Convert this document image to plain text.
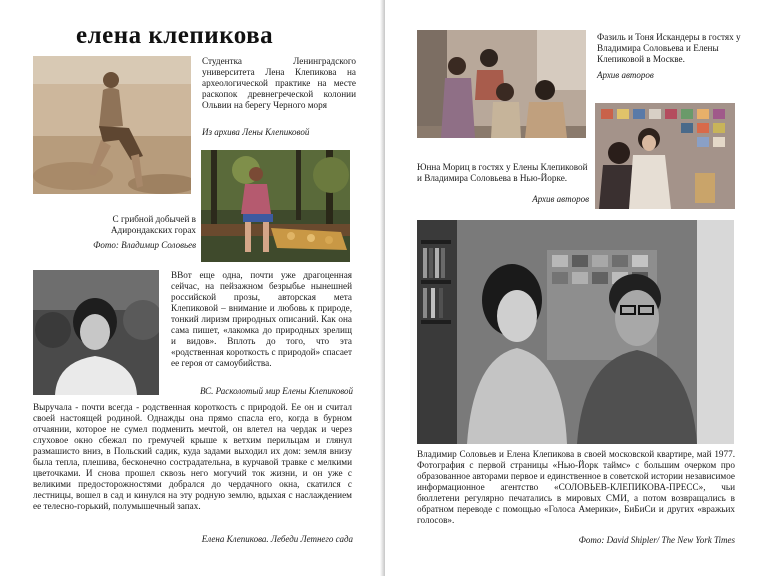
елена клепикова
Студентка Ленинградского университета Лена Клепикова на археологической практике на месте раскопок древнегреческой колонии Ольвии на берегу Черного моря
Из архива Лены Клепиковой
С грибной добычей в Адирондакских горах
Фото: Владимир Соловьев
ВВот еще одна, почти уже драгоценная сейчас, на пейзажном безрыбье нынешней российской прозы, авторская мета Клепиковой – внимание и любовь к природе, тонкий лиризм природных описаний. Как она сама пишет, «лакомка до природных зрелищ и видов». Вплоть до того, что эта «родственная короткость с природой» спасает ее героя от самоубийства.
ВС. Расколотый мир Елены Клепиковой
Выручала - почти всегда - родственная короткость с природой. Ее он и считал своей настоящей родиной. Однажды она прямо спасла его, когда в бурном отчаянии, которое не сумел подменить мечтой, он влетел на чердак и через слуховое окно сбежал по гремучей крыше к ветхим перильцам и глянул размашисто вниз, в Польский садик, куда задами выходил их дом: земля внизу была тепла, плешива, бесконечно сострадательна, в курчавой травке с мелкими цветочками. И снова прошел сквозь него могучий ток жизни, и он уже с великими предосторожностями добрался до чердачного окна, скатился с лестницы, вошел в сад и кинулся на эту родную землю, вдыхая с наслаждением ее телесно-горький, полумышечный запах.
Елена Клепикова. Лебеди Летнего сада
Фазиль и Тоня Искандеры в гостях у Владимира Соловьева и Елены Клепиковой в Москве.
Архив авторов
Юнна Мориц в гостях у Елены Клепиковой и Владимира Соловьева в Нью-Йорке.
Архив авторов
Владимир Соловьев и Елена Клепикова в своей московской квартире, май 1977. Фотография с первой страницы «Нью-Йорк таймс» с большим очерком про образованное авторами первое и единственное в советской истории независимое информационное агентство «СОЛОВЬЕВ-КЛЕПИКОВА-ПРЕСС», чьи бюллетени регулярно печатались в мировых СМИ, а потом возвращались в обратном переводе с помощью «Голоса Америки», БиБиСи и других «вражьих голосов».
Фото: David Shipler/ The New York Times
